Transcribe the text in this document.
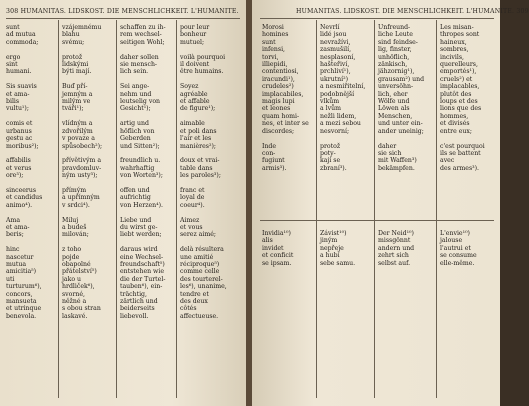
308 HUMANITAS. LIDSKOST. DIE MENSCHLICHKEIT. L'HUMANITE.
sunt
ad mutua
commoda;

ergo
sint
humani.

Sis suavis
et ama-
bilis
vultu¹);

comis et
urbanus
gestu ac
moribus²);

affabilis
et verus
ore³);

sinceerus
et candidus
animo⁴).

Ama
et ama-
beris;

hinc
nascetur
mutua
amicitia⁵)
uti
turturum⁶),
concors,
mansueta
et utrinque
benevola.
vzájemnému
blahu
svému;

protož
lidskými
býti mají.

Buď pří-
jemným a
milým ve
tváři¹);

vlídným a
zdvořilým
v povaze a
spůsobech²);

přívětivým a
pravdomluv-
ným usty³);

přímým
a upřímným
v srdci⁴).

Miluj
a budeš
milován;

z toho
pojde
obapolné
přátelství⁵)
jako u
hrdliček⁶),
svorné,
něžné a
s obou stran
laskavé.
schaffen zu ih-
rem wechsel-
seitigen Wohl;

daher sollen
sie mensch-
lich sein.

Sei ange-
nehm und
leutselig von
Gesicht¹);

artig und
höflich von
Geberden
und Sitten²);

freundlich u.
wahrhaftig
von Worten³);

offen und
aufrichtig
von Herzen⁴).

Liebe und
du wirst ge-
liebt werden;

daraus wird
eine Wechsel-
freundschaft⁵)
entstehen wie
die der Turtel-
tauben⁶), ein-
trächtig,
zärtlich und
beiderseits
liebevoll.
pour leur
bonheur
mutuel;

voilà pourquoi
il doivent
être humains.

Soyez
agréable
et affable
de figure¹);

aimable
et poli dans
l'air et les
manières²);

doux et vrai-
table dans
les paroles³);

franc et
loyal de
coeur⁴).

Aimez
et vous
serez aimé;

delà résultera
une amitié
réciproque⁵)
comme celle
des tourterel-
les⁶), unanime,
tendre et
des deux
côtés
affectueuse.
HUMANITAS. LIDSKOST. DIE MENSCHLICHKEIT. L'HUMANITE. 309
Morosi
homines
sunt
infensi,
torvi,
illiepidi,
contentiosi,
iracundi¹),
crudeles²)
implacabiles,
magis lupi
et leones
quam homi-
nes, et inter se
discordes;

Inde
con-
fugiunt
armis³).
Nevrlí
lidé jsou
nevražívi,
zasmušilí,
nesplasoní,
hašteřiví,
prchliví¹),
ukrutní²)
a nesmiřitelní,
podobnější
vlkům
a lvům
nežli lidem,
a mezi sebou
nesvorní;

protož
poty-
kají se
zbraní³).
Unfreund-
liche Leute
sind feindse-
lig, finster,
unhöflich,
zänkisch,
jähzornig¹),
grausam²) und
unversöhn-
lich, eher
Wölfe und
Löwen als
Menschen,
und unter ein-
ander uneinig;

daher
sie sich
mit Waffen³)
bekämpfen.
Les misan-
thropes sont
haineux,
sombres,
incivils,
querelleurs,
emportés¹),
cruels²) et
implacables,
plutôt des
loups et des
lions que des
hommes,
et divisés
entre eux;

c'est pourquoi
ils se battent
avec
des armes³).
Invidia¹⁰)
alis
invidet
et conficit
se ipsam.
Závist¹⁰)
jiným
nepřeje
a hubí
sebe samu.
Der Neid¹⁰)
missgönnt
andern und
zehrt sich
selbst auf.
L'envie¹⁰)
jalouse
l'autrui et
se consume
elle-même.
